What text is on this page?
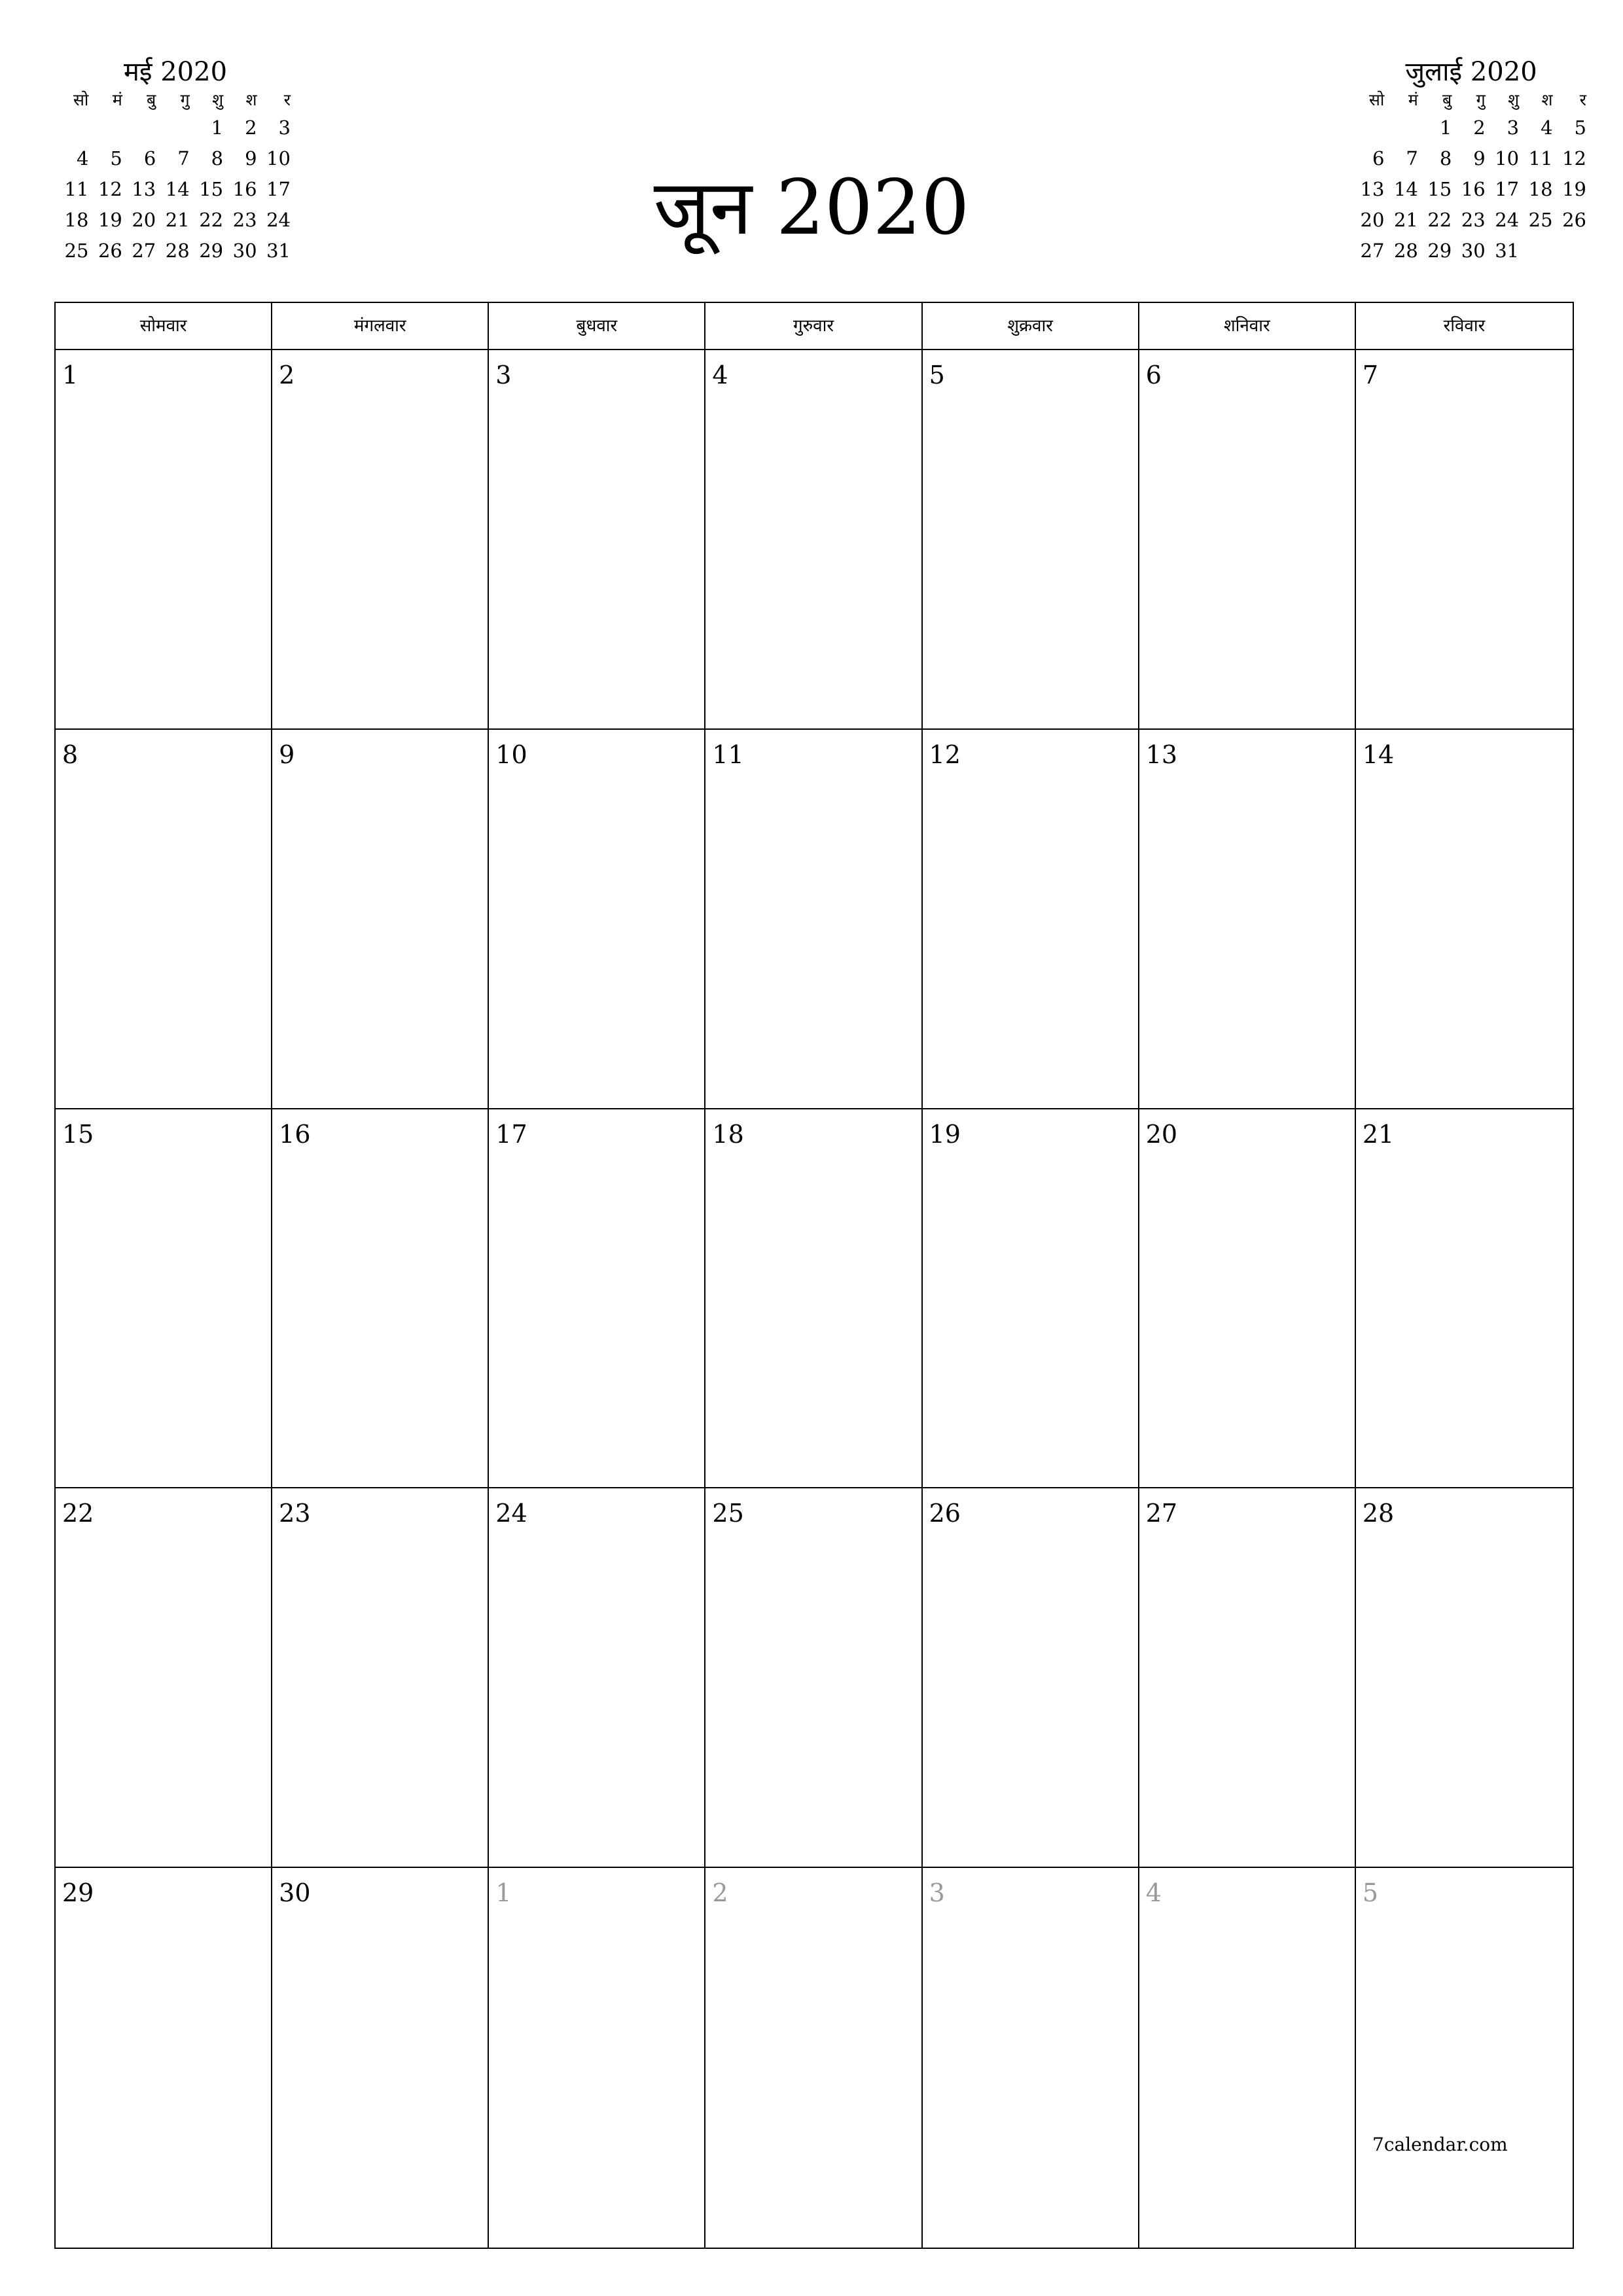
मई 2020
सो	मं	बु	गु	शु	श	र
				1	2	3
4	5	6	7	8	9	10
11	12	13	14	15	16	17
18	19	20	21	22	23	24
25	26	27	28	29	30	31
जुलाई 2020
सो	मं	बु	गु	शु	श	र
		1	2	3	4	5
6	7	8	9	10	11	12
13	14	15	16	17	18	19
20	21	22	23	24	25	26
27	28	29	30	31		
जून 2020
सोमवार	मंगलवार	बुधवार	गुरुवार	शुक्रवार	शनिवार	रविवार
1	2	3	4	5	6	7
8	9	10	11	12	13	14
15	16	17	18	19	20	21
22	23	24	25	26	27	28
29	30	1	2	3	4	5
7calendar.com
